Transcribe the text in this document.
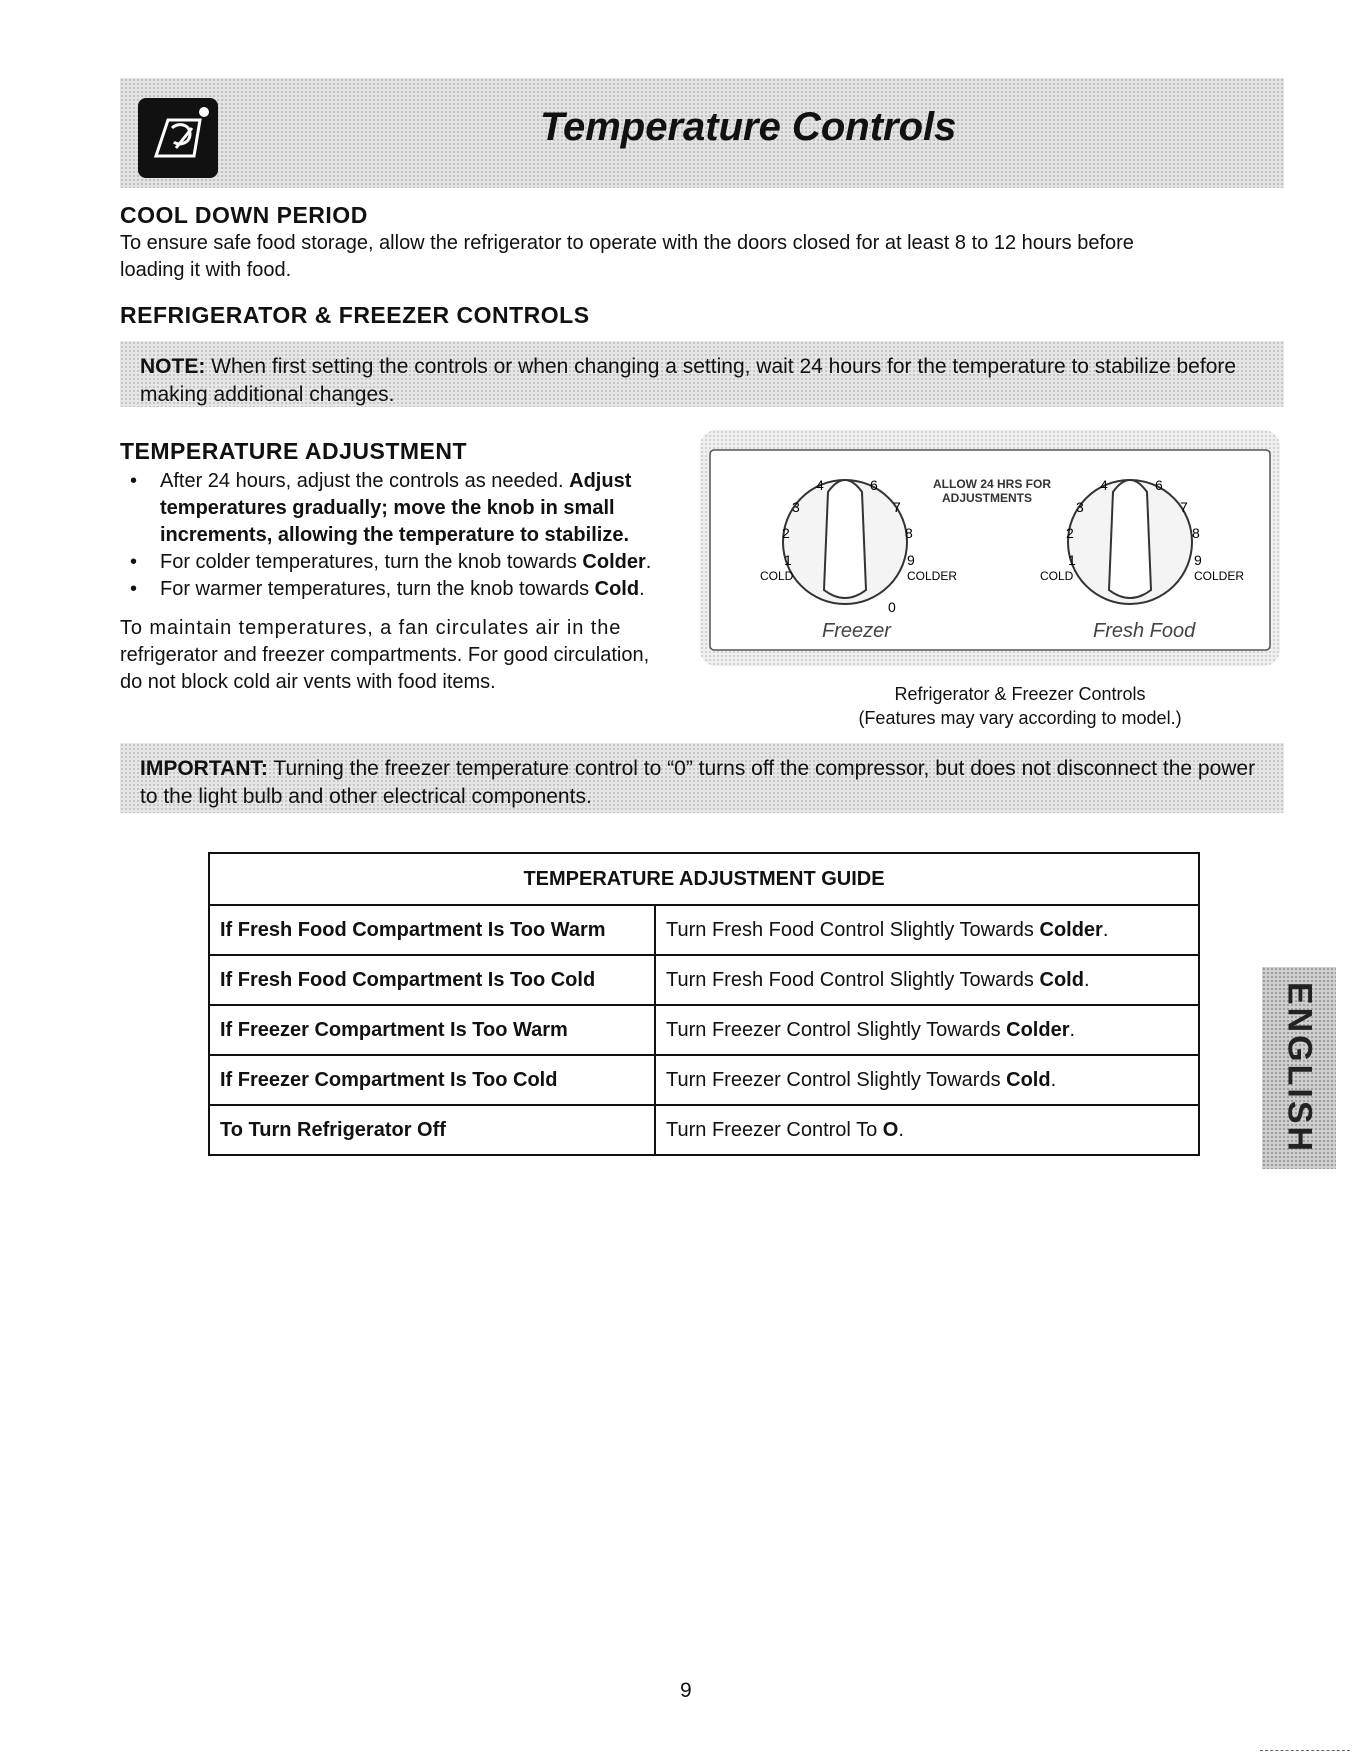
Temperature Controls
COOL DOWN PERIOD
To ensure safe food storage, allow the refrigerator to operate with the doors closed for at least 8 to 12 hours before
loading it with food.
REFRIGERATOR & FREEZER CONTROLS
NOTE: When first setting the controls or when changing a setting, wait 24 hours for the temperature to stabilize before making additional changes.
TEMPERATURE ADJUSTMENT
• After 24 hours, adjust the controls as needed. Adjust temperatures gradually; move the knob in small increments, allowing the temperature to stabilize.
• For colder temperatures, turn the knob towards Colder.
• For warmer temperatures, turn the knob towards Cold.
To maintain temperatures, a fan circulates air in the
refrigerator and freezer compartments. For good circulation,
do not block cold air vents with food items.
4	6
3	7
2	8
1	9
COLD	COLDER
0
Freezer
ALLOW 24 HRS FOR
ADJUSTMENTS
4	6
3	7
2	8
1	9
COLD	COLDER
Fresh Food
Refrigerator & Freezer Controls
(Features may vary according to model.)
IMPORTANT: Turning the freezer temperature control to “0” turns off the compressor, but does not disconnect the power to the light bulb and other electrical components.
TEMPERATURE ADJUSTMENT GUIDE	
If Fresh Food Compartment Is Too Warm	Turn Fresh Food Control Slightly Towards Colder.
If Fresh Food Compartment Is Too Cold	Turn Fresh Food Control Slightly Towards Cold.
If Freezer Compartment Is Too Warm	Turn Freezer Control Slightly Towards Colder.
If Freezer Compartment Is Too Cold	Turn Freezer Control Slightly Towards Cold.
To Turn Refrigerator Off	Turn Freezer Control To O.	ENGLISH
9
